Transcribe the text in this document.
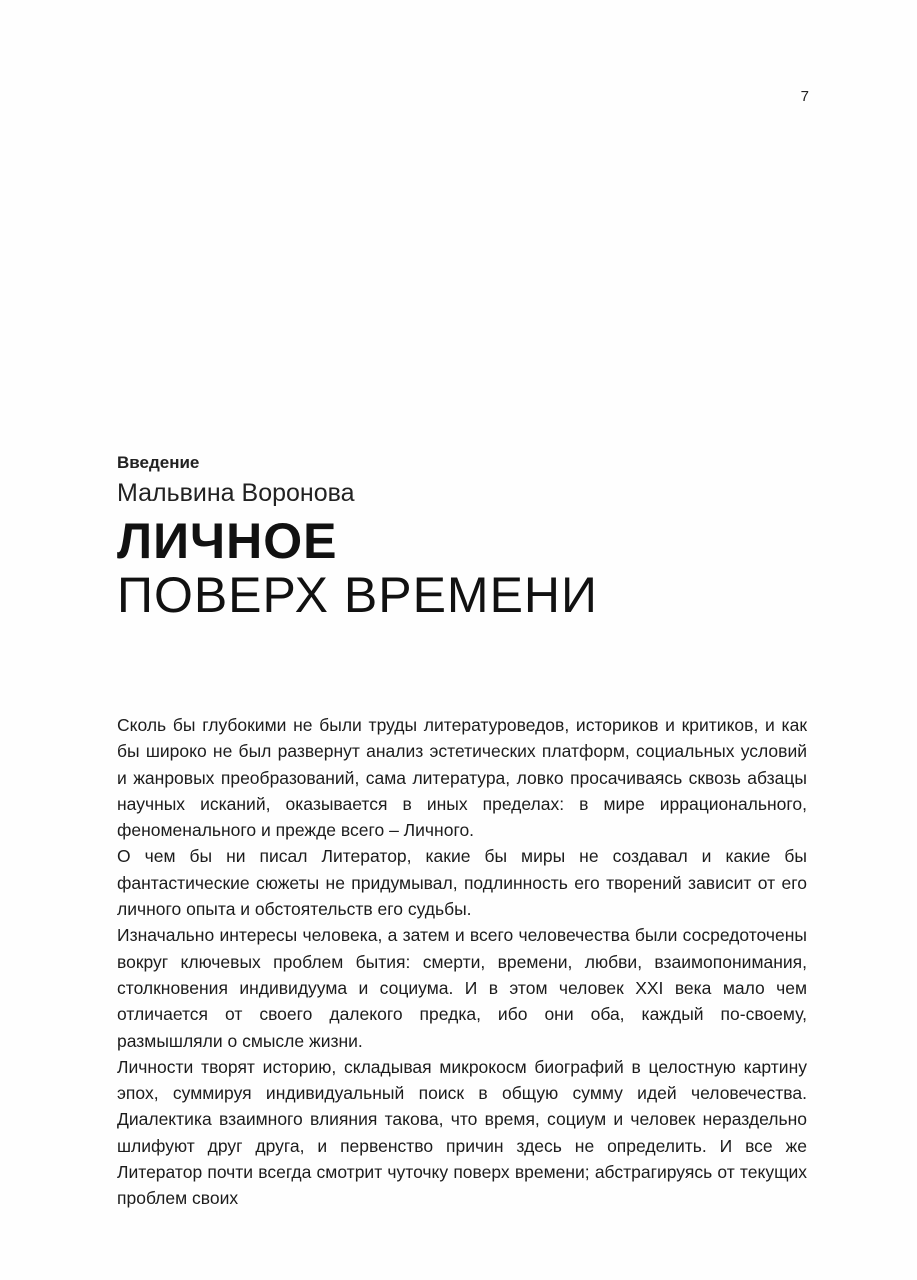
7

Введение

Мальвина Воронова

ЛИЧНОЕ
ПОВЕРХ ВРЕМЕНИ

Сколь бы глубокими не были труды литературоведов, историков и критиков, и как бы широко не был развернут анализ эстетических платформ, социальных условий и жанровых преобразований, сама литература, ловко просачиваясь сквозь абзацы научных исканий, оказывается в иных пределах: в мире иррационального, феноменального и прежде всего – Личного.

О чем бы ни писал Литератор, какие бы миры не создавал и какие бы фантастические сюжеты не придумывал, подлинность его творений зависит от его личного опыта и обстоятельств его судьбы.

Изначально интересы человека, а затем и всего человечества были сосредоточены вокруг ключевых проблем бытия: смерти, времени, любви, взаимопонимания, столкновения индивидуума и социума. И в этом человек XXI века мало чем отличается от своего далекого предка, ибо они оба, каждый по-своему, размышляли о смысле жизни.

Личности творят историю, складывая микрокосм биографий в целостную картину эпох, суммируя индивидуальный поиск в общую сумму идей человечества. Диалектика взаимного влияния такова, что время, социум и человек нераздельно шлифуют друг друга, и первенство причин здесь не определить. И все же Литератор почти всегда смотрит чуточку поверх времени; абстрагируясь от текущих проблем своих
